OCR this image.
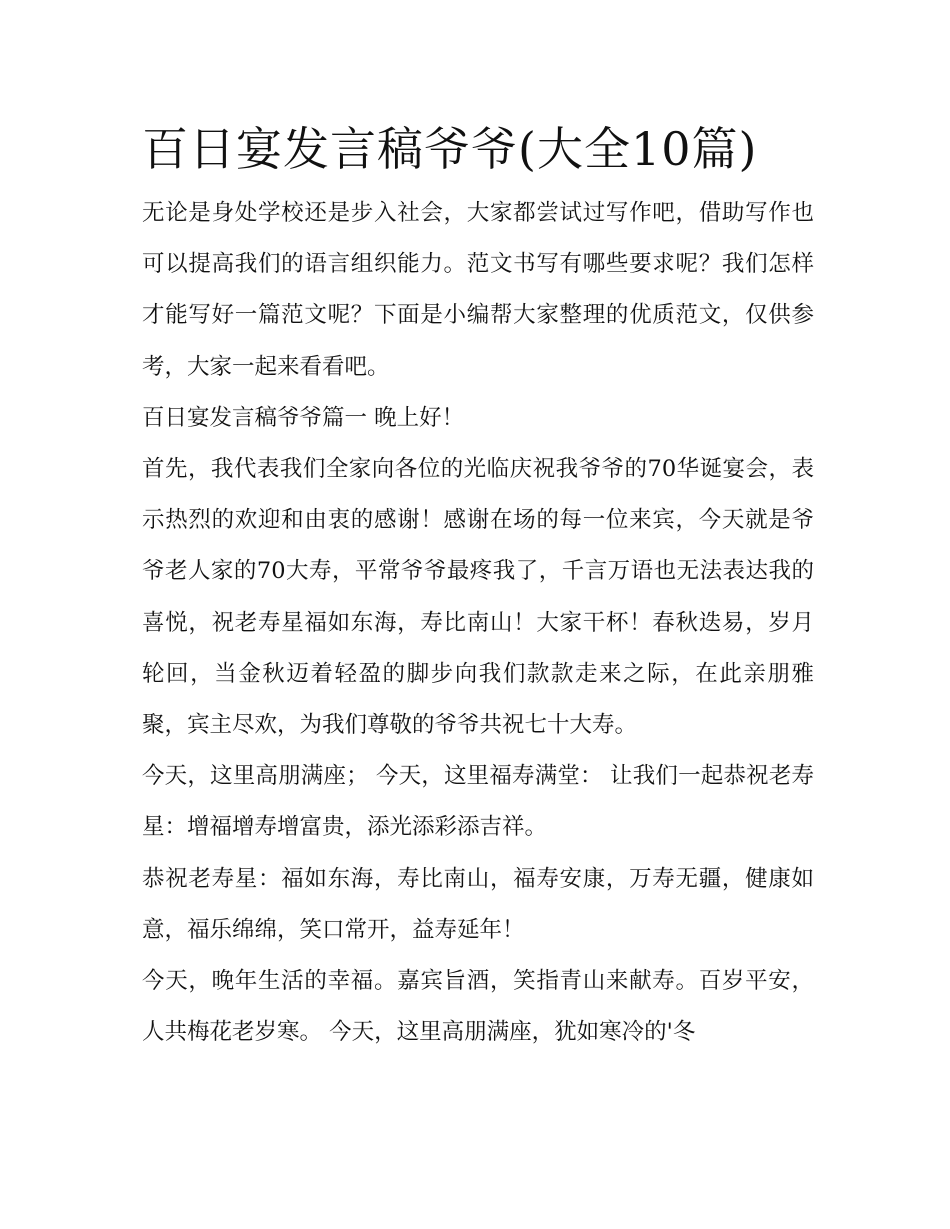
百日宴发言稿爷爷(大全10篇)

无论是身处学校还是步入社会，大家都尝试过写作吧，借助写作也可以提高我们的语言组织能力。范文书写有哪些要求呢？我们怎样才能写好一篇范文呢？下面是小编帮大家整理的优质范文，仅供参考，大家一起来看看吧。

百日宴发言稿爷爷篇一 晚上好！

首先，我代表我们全家向各位的光临庆祝我爷爷的70华诞宴会，表示热烈的欢迎和由衷的感谢！感谢在场的每一位来宾，今天就是爷爷老人家的70大寿，平常爷爷最疼我了，千言万语也无法表达我的喜悦，祝老寿星福如东海，寿比南山！大家干杯！春秋迭易，岁月轮回，当金秋迈着轻盈的脚步向我们款款走来之际，在此亲朋雅聚，宾主尽欢，为我们尊敬的爷爷共祝七十大寿。

今天，这里高朋满座； 今天，这里福寿满堂： 让我们一起恭祝老寿星：增福增寿增富贵，添光添彩添吉祥。

恭祝老寿星：福如东海，寿比南山，福寿安康，万寿无疆，健康如意，福乐绵绵，笑口常开，益寿延年！

今天，晚年生活的幸福。嘉宾旨酒，笑指青山来献寿。百岁平安，人共梅花老岁寒。 今天，这里高朋满座，犹如寒冷的'冬
